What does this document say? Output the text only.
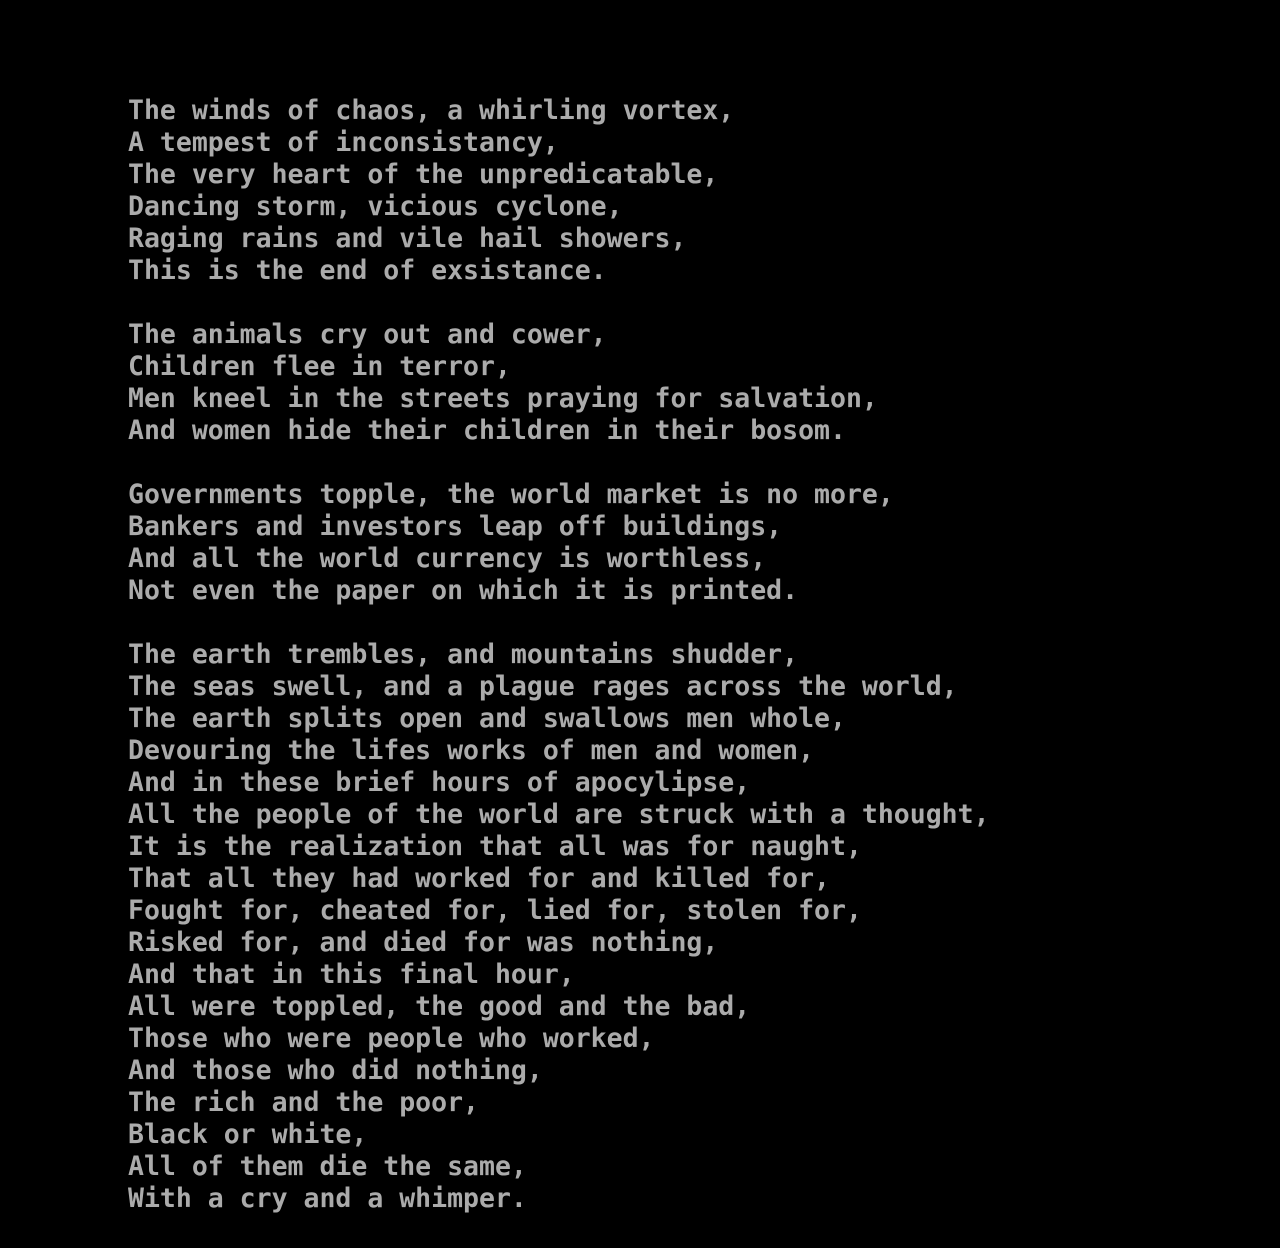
The winds of chaos, a whirling vortex,
A tempest of inconsistancy,
The very heart of the unpredicatable,
Dancing storm, vicious cyclone,
Raging rains and vile hail showers,
This is the end of exsistance.

The animals cry out and cower,
Children flee in terror,
Men kneel in the streets praying for salvation,
And women hide their children in their bosom.

Governments topple, the world market is no more,
Bankers and investors leap off buildings,
And all the world currency is worthless,
Not even the paper on which it is printed.

The earth trembles, and mountains shudder,
The seas swell, and a plague rages across the world,
The earth splits open and swallows men whole,
Devouring the lifes works of men and women,
And in these brief hours of apocylipse,
All the people of the world are struck with a thought,
It is the realization that all was for naught,
That all they had worked for and killed for,
Fought for, cheated for, lied for, stolen for,
Risked for, and died for was nothing,
And that in this final hour,
All were toppled, the good and the bad,
Those who were people who worked,
And those who did nothing,
The rich and the poor,
Black or white,
All of them die the same,
With a cry and a whimper.
